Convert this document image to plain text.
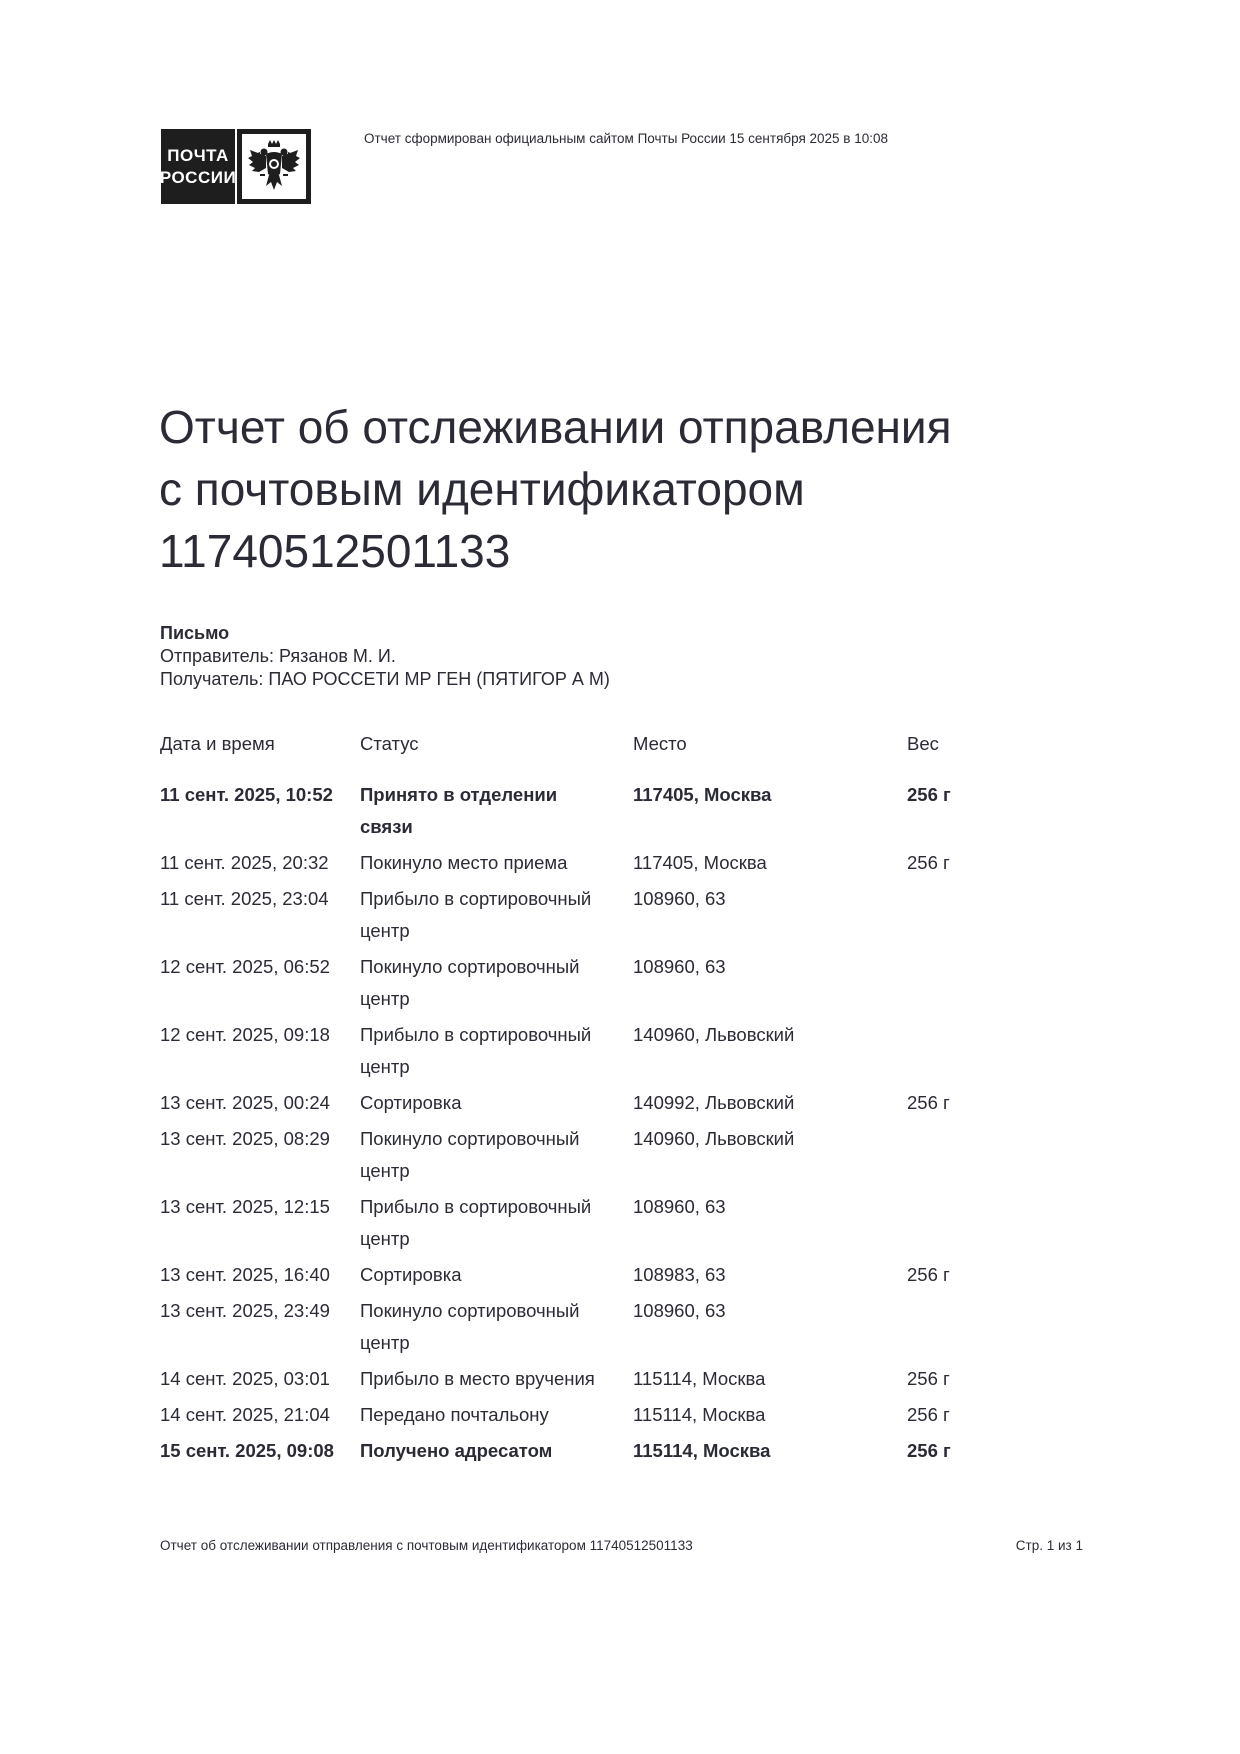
ПОЧТА
РОССИИ
Отчет сформирован официальным сайтом Почты России 15 сентября 2025 в 10:08
Отчет об отслеживании отправления
с почтовым идентификатором
11740512501133
Письмо
Отправитель: Рязанов М. И.
Получатель: ПАО РОССЕТИ МР ГЕН (ПЯТИГОР А М)
Дата и время	Статус	Место	Вес
11 сент. 2025, 10:52	Принято в отделении связи	117405, Москва	256 г
11 сент. 2025, 20:32	Покинуло место приема	117405, Москва	256 г
11 сент. 2025, 23:04	Прибыло в сортировочный центр	108960, 63	
12 сент. 2025, 06:52	Покинуло сортировочный центр	108960, 63	
12 сент. 2025, 09:18	Прибыло в сортировочный центр	140960, Львовский	
13 сент. 2025, 00:24	Сортировка	140992, Львовский	256 г
13 сент. 2025, 08:29	Покинуло сортировочный центр	140960, Львовский	
13 сент. 2025, 12:15	Прибыло в сортировочный центр	108960, 63	
13 сент. 2025, 16:40	Сортировка	108983, 63	256 г
13 сент. 2025, 23:49	Покинуло сортировочный центр	108960, 63	
14 сент. 2025, 03:01	Прибыло в место вручения	115114, Москва	256 г
14 сент. 2025, 21:04	Передано почтальону	115114, Москва	256 г
15 сент. 2025, 09:08	Получено адресатом	115114, Москва	256 г
Отчет об отслеживании отправления с почтовым идентификатором 11740512501133	Стр. 1 из 1
